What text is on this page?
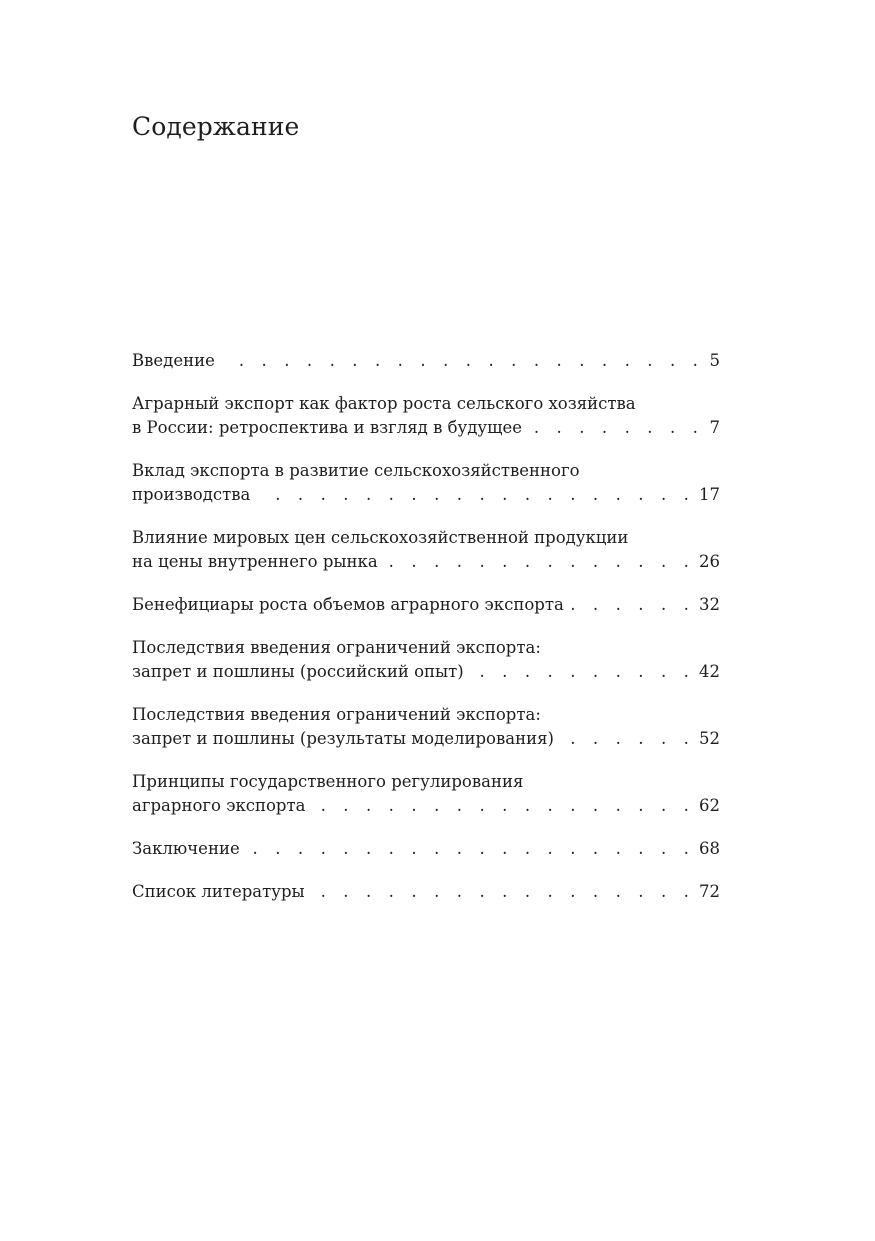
Содержание
Введение . . .	5
Аграрный экспорт как фактор роста сельского хозяйства
в России: ретроспектива и взгляд в будущее . . .	7
Вклад экспорта в развитие сельскохозяйственного
производства . . .	17
Влияние мировых цен сельскохозяйственной продукции
на цены внутреннего рынка . . .	26
Бенефициары роста объемов аграрного экспорта . . .	32
Последствия введения ограничений экспорта:
запрет и пошлины (российский опыт) . . .	42
Последствия введения ограничений экспорта:
запрет и пошлины (результаты моделирования) . . .	52
Принципы государственного регулирования
аграрного экспорта . . .	62
Заключение . . .	68
Список литературы . . .	72
